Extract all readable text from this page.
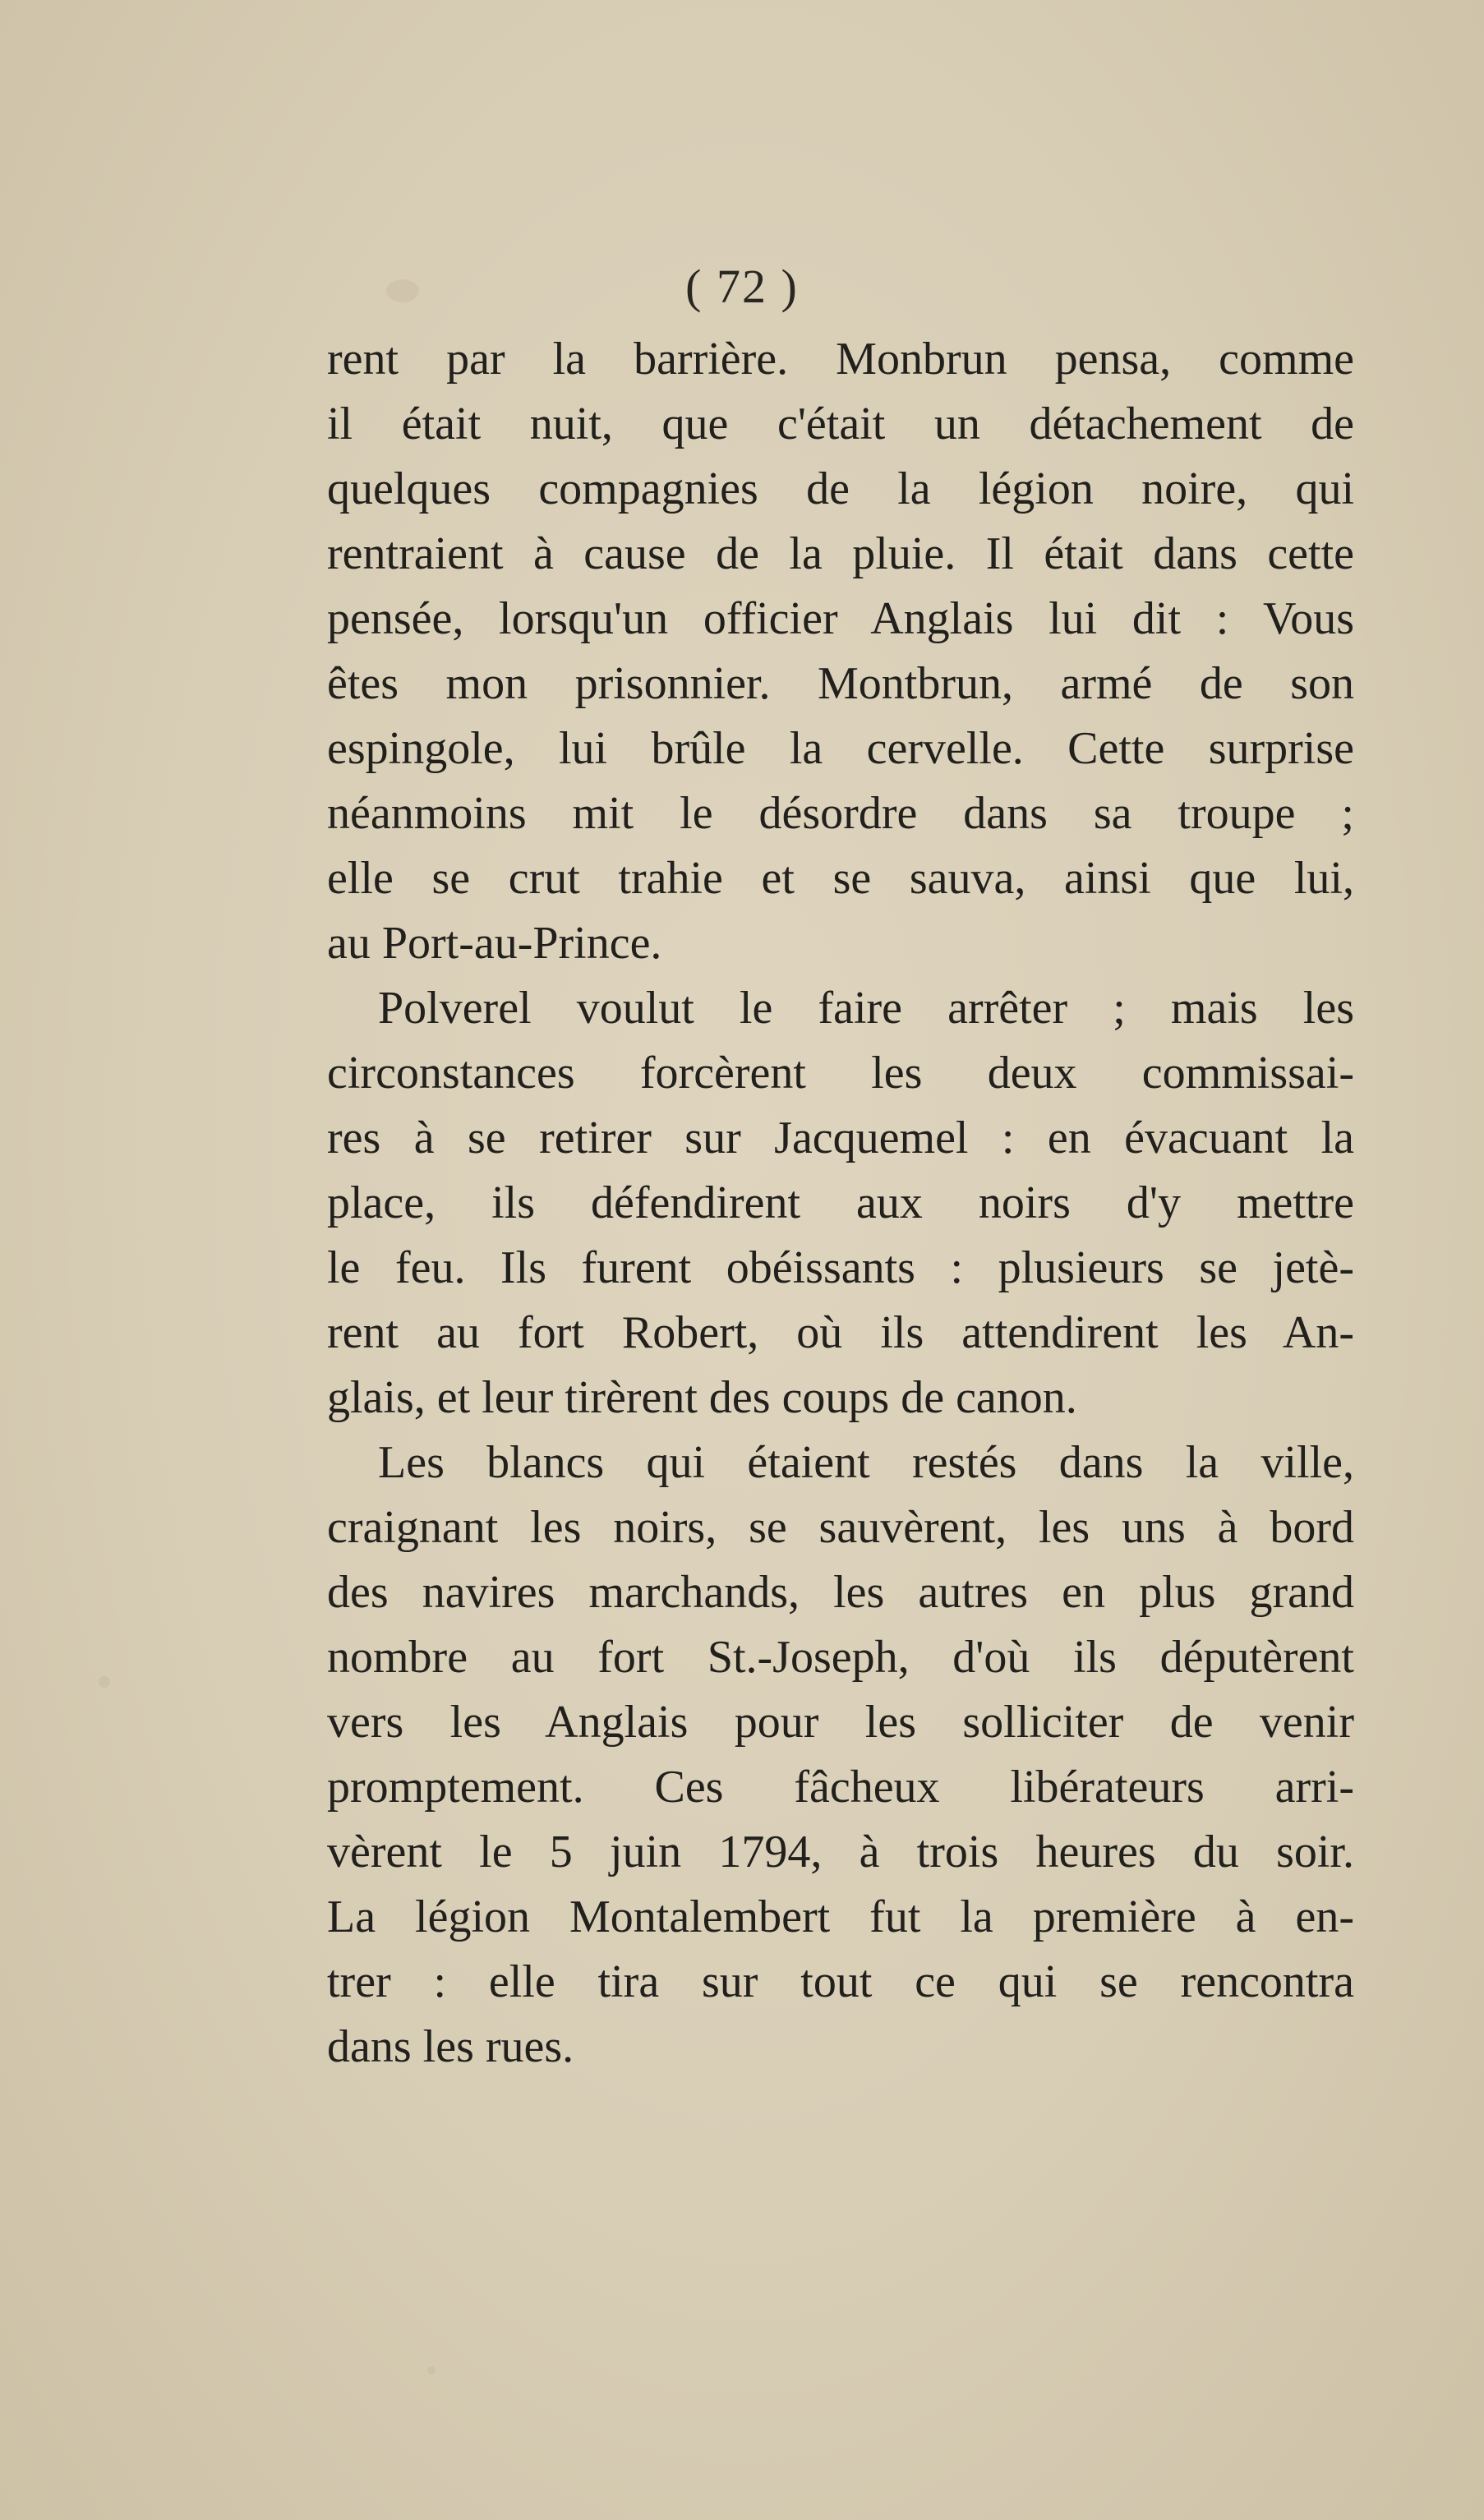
( 72 )
rent par la barrière. Monbrun pensa, comme
il était nuit, que c'était un détachement de
quelques compagnies de la légion noire, qui
rentraient à cause de la pluie. Il était dans cette
pensée, lorsqu'un officier Anglais lui dit : Vous
êtes mon prisonnier. Montbrun, armé de son
espingole, lui brûle la cervelle. Cette surprise
néanmoins mit le désordre dans sa troupe ;
elle se crut trahie et se sauva, ainsi que lui,
au Port-au-Prince.
Polverel voulut le faire arrêter ; mais les
circonstances forcèrent les deux commissai-
res à se retirer sur Jacquemel : en évacuant la
place, ils défendirent aux noirs d'y mettre
le feu. Ils furent obéissants : plusieurs se jetè-
rent au fort Robert, où ils attendirent les An-
glais, et leur tirèrent des coups de canon.
Les blancs qui étaient restés dans la ville,
craignant les noirs, se sauvèrent, les uns à bord
des navires marchands, les autres en plus grand
nombre au fort St.-Joseph, d'où ils députèrent
vers les Anglais pour les solliciter de venir
promptement. Ces fâcheux libérateurs arri-
vèrent le 5 juin 1794, à trois heures du soir.
La légion Montalembert fut la première à en-
trer : elle tira sur tout ce qui se rencontra
dans les rues.
